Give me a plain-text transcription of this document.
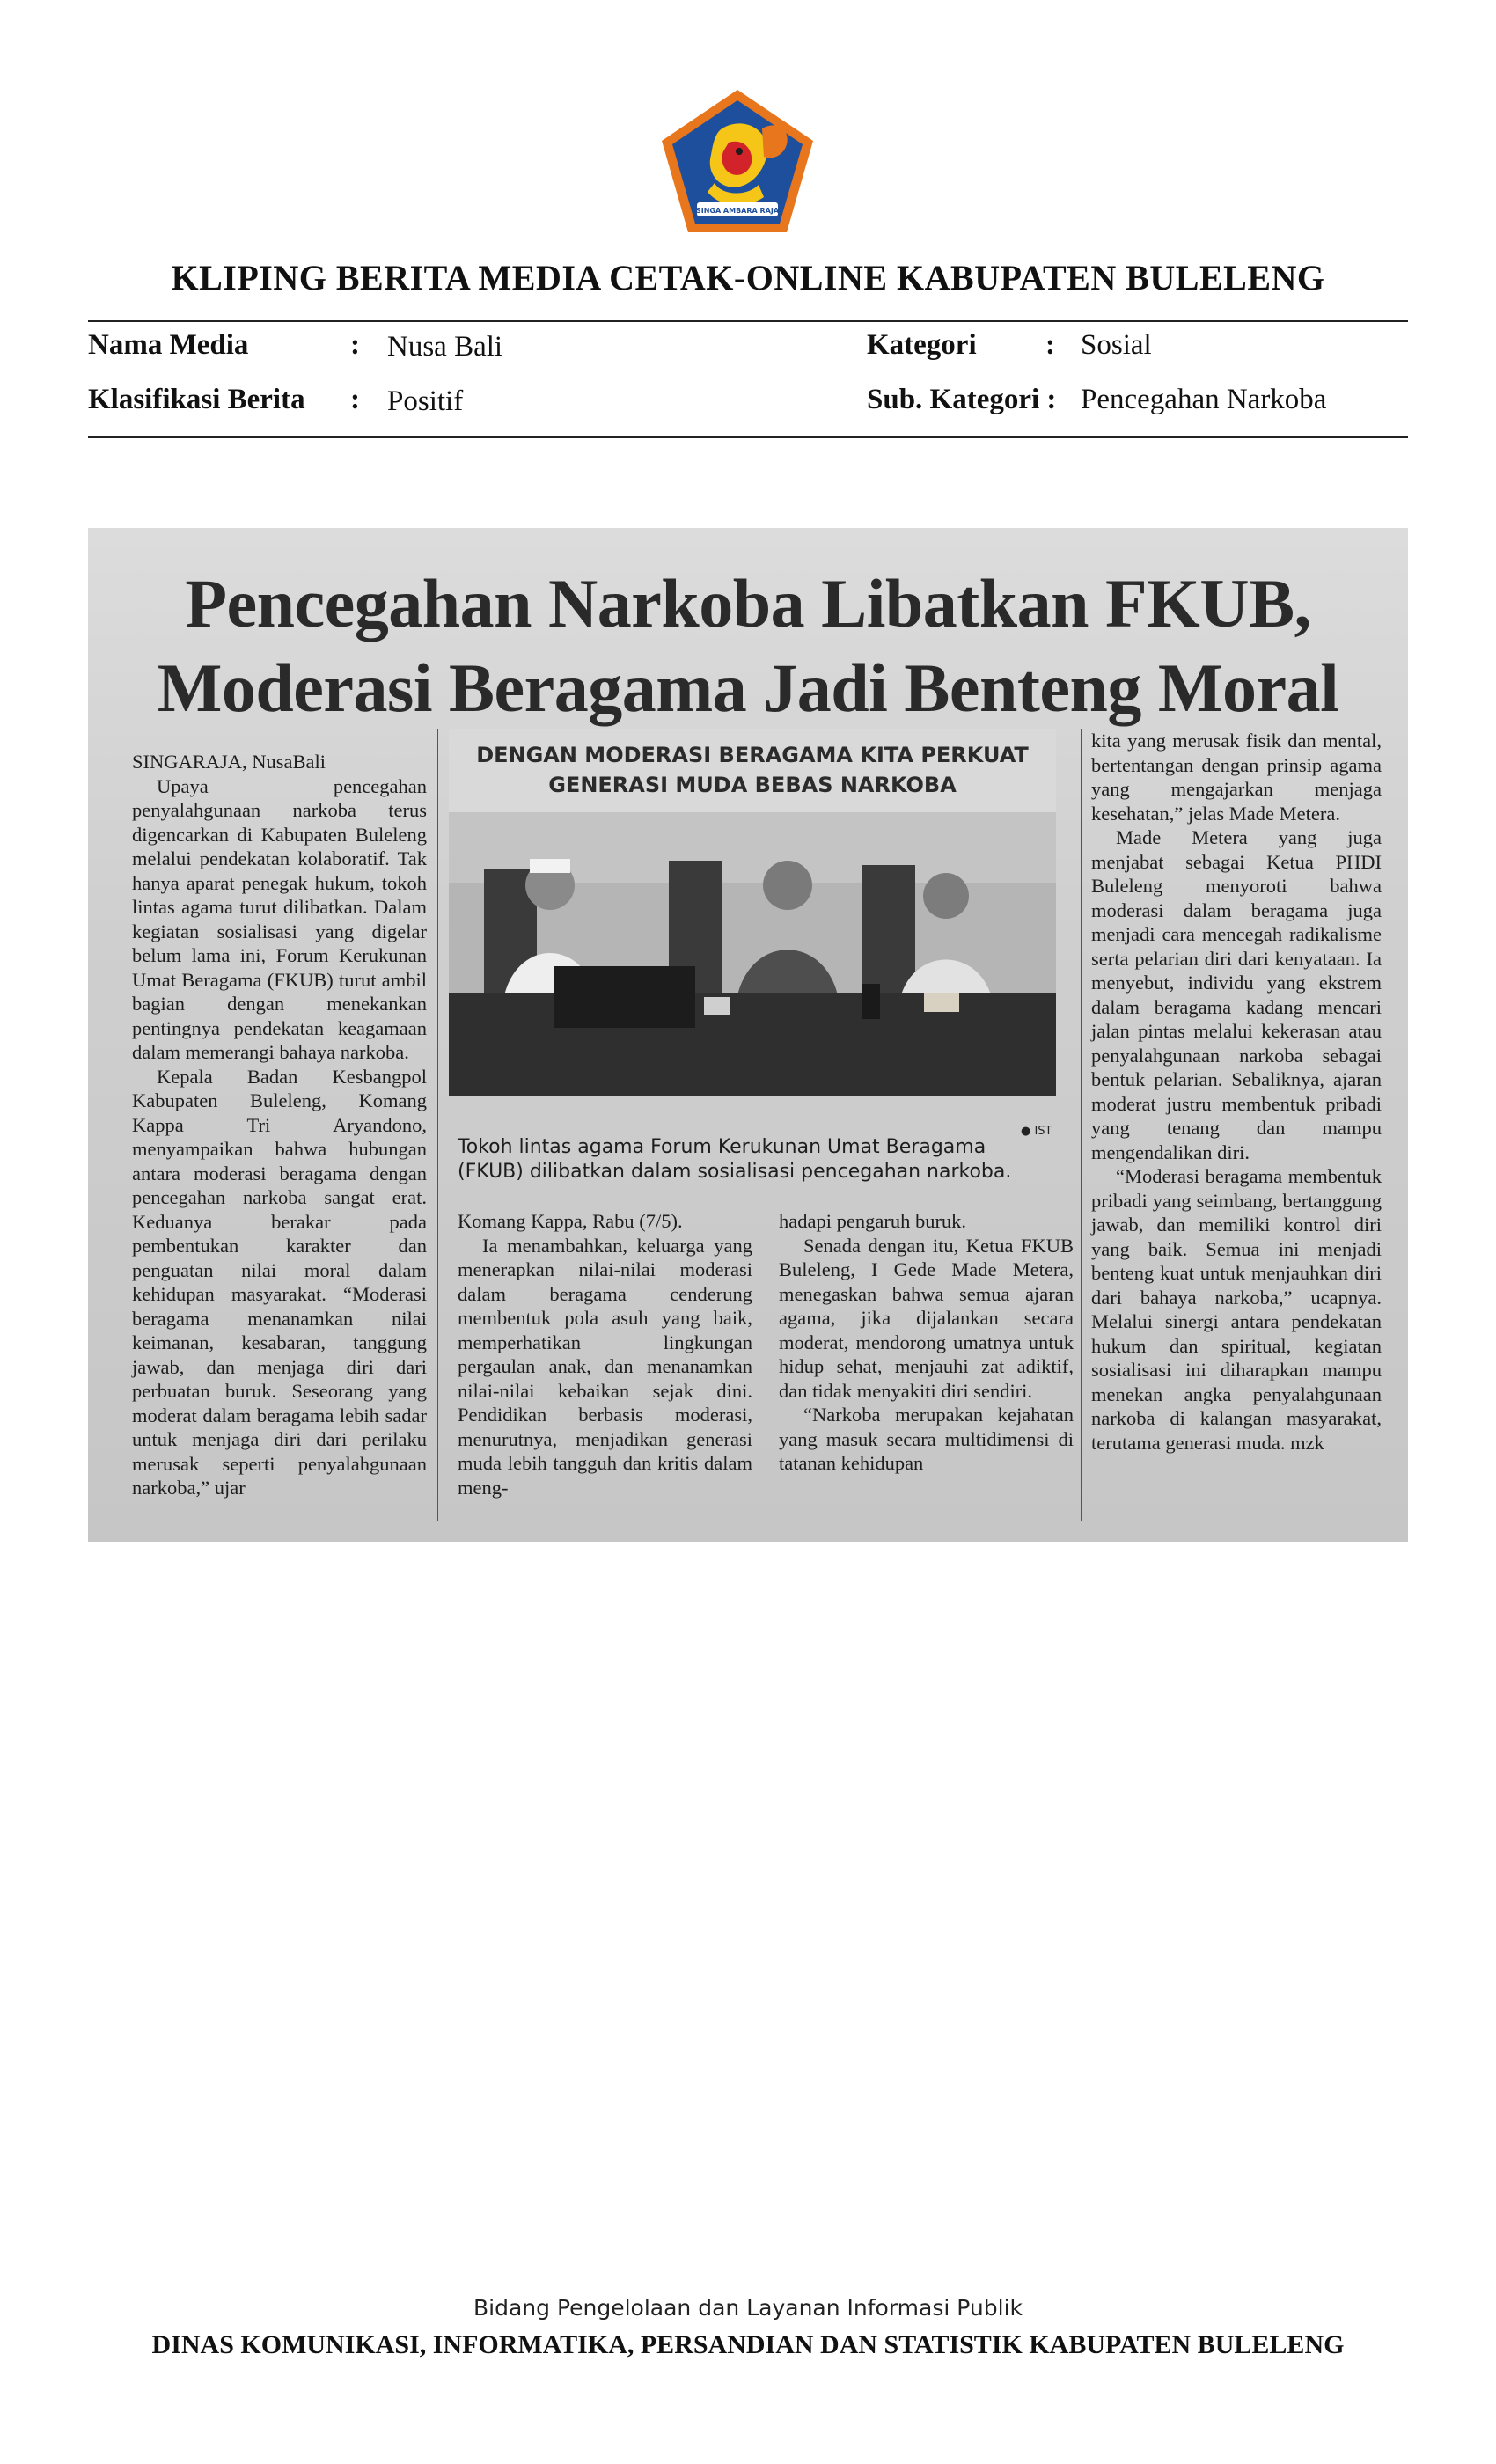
SINGA AMBARA RAJA
KLIPING BERITA MEDIA CETAK-ONLINE KABUPATEN BULELENG
Nama Media	: Nusa Bali
Klasifikasi Berita : Positif
Kategori : Sosial
Sub. Kategori : Pencegahan Narkoba
Pencegahan Narkoba Libatkan FKUB,
Moderasi Beragama Jadi Benteng Moral

SINGARAJA, NusaBali

Upaya pencegahan penyalahgunaan narkoba terus digencarkan di Kabupaten Buleleng melalui pendekatan kolaboratif. Tak hanya aparat penegak hukum, tokoh lintas agama turut dilibatkan. Dalam kegiatan sosialisasi yang digelar belum lama ini, Forum Kerukunan Umat Beragama (FKUB) turut ambil bagian dengan menekankan pentingnya pendekatan keagamaan dalam memerangi bahaya narkoba.

Kepala Badan Kesbangpol Kabupaten Buleleng, Komang Kappa Tri Aryandono, menyampaikan bahwa hubungan antara moderasi beragama dengan pencegahan narkoba sangat erat. Keduanya berakar pada pembentukan karakter dan penguatan nilai moral dalam kehidupan masyarakat. “Moderasi beragama menanamkan nilai keimanan, kesabaran, tanggung jawab, dan menjaga diri dari perbuatan buruk. Seseorang yang moderat dalam beragama lebih sadar untuk menjaga diri dari perilaku merusak seperti penyalahgunaan narkoba,” ujar

DENGAN MODERASI BERAGAMA KITA PERKUAT
GENERASI MUDA BEBAS NARKOBA
● IST
Tokoh lintas agama Forum Kerukunan Umat Beragama (FKUB) dilibatkan dalam sosialisasi pencegahan narkoba.

Komang Kappa, Rabu (7/5).

Ia menambahkan, keluarga yang menerapkan nilai-nilai moderasi dalam beragama cenderung membentuk pola asuh yang baik, memperhatikan lingkungan pergaulan anak, dan menanamkan nilai-nilai kebaikan sejak dini. Pendidikan berbasis moderasi, menurutnya, menjadikan generasi muda lebih tangguh dan kritis dalam meng-

hadapi pengaruh buruk.

Senada dengan itu, Ketua FKUB Buleleng, I Gede Made Metera, menegaskan bahwa semua ajaran agama, jika dijalankan secara moderat, mendorong umatnya untuk hidup sehat, menjauhi zat adiktif, dan tidak menyakiti diri sendiri.

“Narkoba merupakan kejahatan yang masuk secara multidimensi di tatanan kehidupan

kita yang merusak fisik dan mental, bertentangan dengan prinsip agama yang mengajarkan menjaga kesehatan,” jelas Made Metera.

Made Metera yang juga menjabat sebagai Ketua PHDI Buleleng menyoroti bahwa moderasi dalam beragama juga menjadi cara mencegah radikalisme serta pelarian diri dari kenyataan. Ia menyebut, individu yang ekstrem dalam beragama kadang mencari jalan pintas melalui kekerasan atau penyalahgunaan narkoba sebagai bentuk pelarian. Sebaliknya, ajaran moderat justru membentuk pribadi yang tenang dan mampu mengendalikan diri.

“Moderasi beragama membentuk pribadi yang seimbang, bertanggung jawab, dan memiliki kontrol diri yang baik. Semua ini menjadi benteng kuat untuk menjauhkan diri dari bahaya narkoba,” ucapnya. Melalui sinergi antara pendekatan hukum dan spiritual, kegiatan sosialisasi ini diharapkan mampu menekan angka penyalahgunaan narkoba di kalangan masyarakat, terutama generasi muda. mzk

Bidang Pengelolaan dan Layanan Informasi Publik
DINAS KOMUNIKASI, INFORMATIKA, PERSANDIAN DAN STATISTIK KABUPATEN BULELENG
